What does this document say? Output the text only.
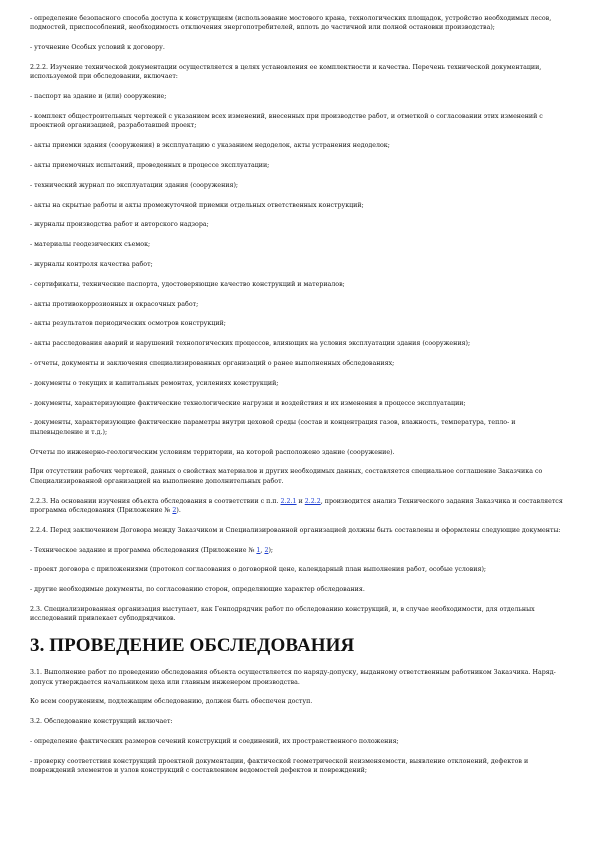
- определение безопасного способа доступа к конструкциям (использование мостового крана, технологических площадок, устройство необходимых лесов, подмостей, приспособлений, необходимость отключения энергопотребителей, вплоть до частичной или полной остановки производства);

- уточнение Особых условий к договору.

2.2.2. Изучение технической документации осуществляется в целях установления ее комплектности и качества. Перечень технической документации, используемой при обследовании, включает:

- паспорт на здание и (или) сооружение;

- комплект общестроительных чертежей с указанием всех изменений, внесенных при производстве работ, и отметкой о согласовании этих изменений с проектной организацией, разработавшей проект;

- акты приемки здания (сооружения) в эксплуатацию с указанием недоделок, акты устранения недоделок;

- акты приемочных испытаний, проведенных в процессе эксплуатации;

- технический журнал по эксплуатации здания (сооружения);

- акты на скрытые работы и акты промежуточной приемки отдельных ответственных конструкций;

- журналы производства работ и авторского надзора;

- материалы геодезических съемок;

- журналы контроля качества работ;

- сертификаты, технические паспорта, удостоверяющие качество конструкций и материалов;

- акты противокоррозионных и окрасочных работ;

- акты результатов периодических осмотров конструкций;

- акты расследования аварий и нарушений технологических процессов, влияющих на условия эксплуатации здания (сооружения);

- отчеты, документы и заключения специализированных организаций о ранее выполненных обследованиях;

- документы о текущих и капитальных ремонтах, усилениях конструкций;

- документы, характеризующие фактические технологические нагрузки и воздействия и их изменения в процессе эксплуатации;

- документы, характеризующие фактические параметры внутри цеховой среды (состав и концентрация газов, влажность, температура, тепло- и пылевыделение и т.д.);

Отчеты по инженерно-геологическим условиям территории, на которой расположено здание (сооружение).

При отсутствии рабочих чертежей, данных о свойствах материалов и других необходимых данных, составляется специальное соглашение Заказчика со Специализированной организацией на выполнение дополнительных работ.

2.2.3. На основании изучения объекта обследования в соответствии с п.п. 2.2.1 и 2.2.2, производится анализ Технического задания Заказчика и составляется программа обследования (Приложение № 2).

2.2.4. Перед заключением Договора между Заказчиком и Специализированной организацией должны быть составлены и оформлены следующие документы:

- Техническое задание и программа обследования (Приложение № 1, 2);

- проект договора с приложениями (протокол согласования о договорной цене, календарный план выполнения работ, особые условия);

- другие необходимые документы, по согласованию сторон, определяющие характер обследования.

2.3. Специализированная организация выступает, как Генподрядчик работ по обследованию конструкций, и, в случае необходимости, для отдельных исследований привлекает субподрядчиков.

3. ПРОВЕДЕНИЕ ОБСЛЕДОВАНИЯ

3.1. Выполнение работ по проведению обследования объекта осуществляется по наряду-допуску, выданному ответственным работником Заказчика. Наряд-допуск утверждается начальником цеха или главным инженером производства.

Ко всем сооружениям, подлежащим обследованию, должен быть обеспечен доступ.

3.2. Обследование конструкций включает:

- определение фактических размеров сечений конструкций и соединений, их пространственного положения;

- проверку соответствия конструкций проектной документации, фактической геометрической неизменяемости, выявление отклонений, дефектов и повреждений элементов и узлов конструкций с составлением ведомостей дефектов и повреждений;
